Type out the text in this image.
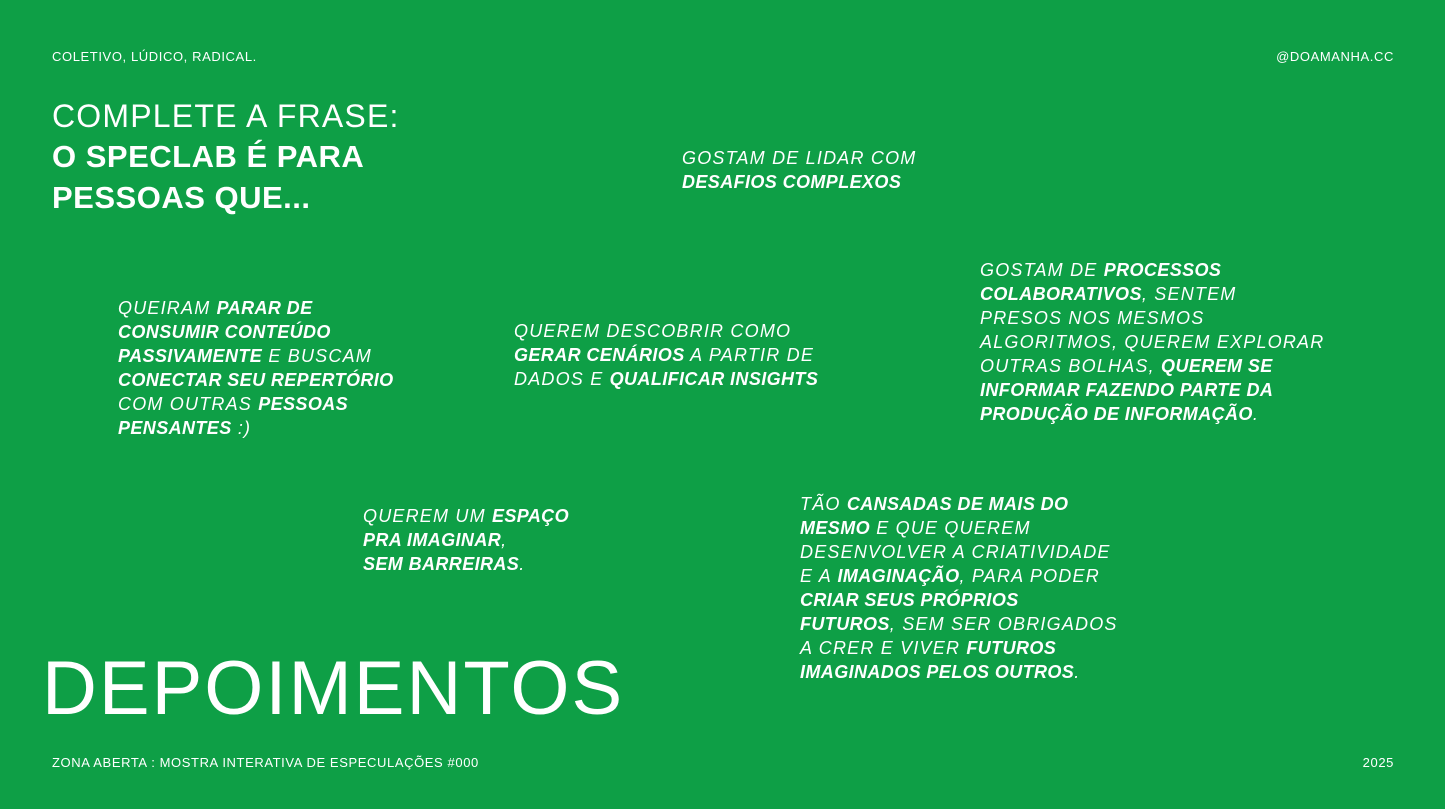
COLETIVO, LÚDICO, RADICAL.	@DOAMANHA.CC
COMPLETE A FRASE:
O SPECLAB É PARA
PESSOAS QUE...
GOSTAM DE LIDAR COM
DESAFIOS COMPLEXOS
GOSTAM DE PROCESSOS
COLABORATIVOS, SENTEM
PRESOS NOS MESMOS
ALGORITMOS, QUEREM EXPLORAR
OUTRAS BOLHAS, QUEREM SE
INFORMAR FAZENDO PARTE DA
PRODUÇÃO DE INFORMAÇÃO.
QUEIRAM PARAR DE
CONSUMIR CONTEÚDO
PASSIVAMENTE E BUSCAM
CONECTAR SEU REPERTÓRIO
COM OUTRAS PESSOAS
PENSANTES :)
QUEREM DESCOBRIR COMO
GERAR CENÁRIOS A PARTIR DE
DADOS E QUALIFICAR INSIGHTS
QUEREM UM ESPAÇO
PRA IMAGINAR,
SEM BARREIRAS.
TÃO CANSADAS DE MAIS DO
MESMO E QUE QUEREM
DESENVOLVER A CRIATIVIDADE
E A IMAGINAÇÃO, PARA PODER
CRIAR SEUS PRÓPRIOS
FUTUROS, SEM SER OBRIGADOS
A CRER E VIVER FUTUROS
IMAGINADOS PELOS OUTROS.
DEPOIMENTOS
ZONA ABERTA : MOSTRA INTERATIVA DE ESPECULAÇÕES #000	2025
